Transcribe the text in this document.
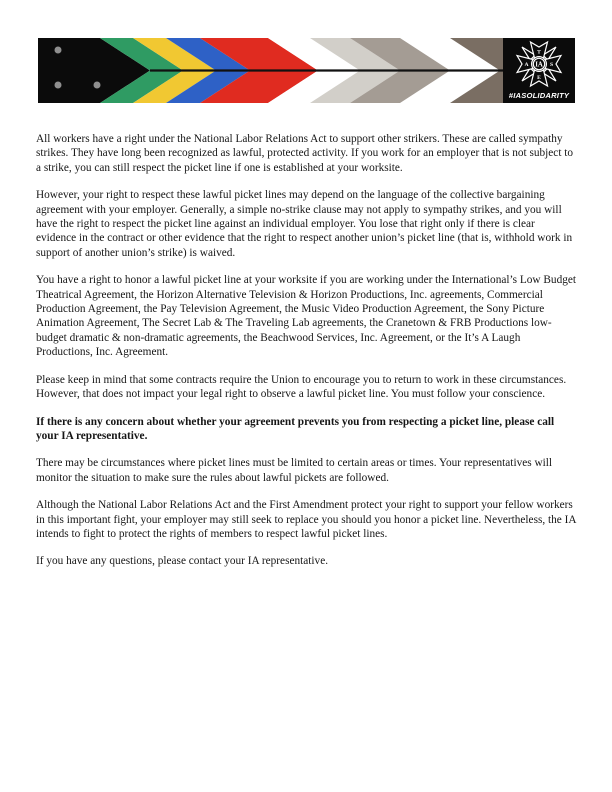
T
S
E
A IA
#IASOLIDARITY

All workers have a right under the National Labor Relations Act to support other strikers. These are called sympathy strikes. They have long been recognized as lawful, protected activity. If you work for an employer that is not subject to a strike, you can still respect the picket line if one is established at your worksite.

However, your right to respect these lawful picket lines may depend on the language of the collective bargaining agreement with your employer. Generally, a simple no-strike clause may not apply to sympathy strikes, and you will have the right to respect the picket line against an individual employer. You lose that right only if there is clear evidence in the contract or other evidence that the right to respect another union’s picket line (that is, withhold work in support of another union’s strike) is waived.

You have a right to honor a lawful picket line at your worksite if you are working under the International’s Low Budget Theatrical Agreement, the Horizon Alternative Television & Horizon Productions, Inc. agreements, Commercial Production Agreement, the Pay Television Agreement, the Music Video Production Agreement, the Sony Picture Animation Agreement, The Secret Lab & The Traveling Lab agreements, the Cranetown & FRB Productions low-budget dramatic & non-dramatic agreements, the Beachwood Services, Inc. Agreement, or the It’s A Laugh Productions, Inc. Agreement.

Please keep in mind that some contracts require the Union to encourage you to return to work in these circumstances. However, that does not impact your legal right to observe a lawful picket line. You must follow your conscience.

If there is any concern about whether your agreement prevents you from respecting a picket line, please call your IA representative.

There may be circumstances where picket lines must be limited to certain areas or times. Your representatives will monitor the situation to make sure the rules about lawful pickets are followed.

Although the National Labor Relations Act and the First Amendment protect your right to support your fellow workers in this important fight, your employer may still seek to replace you should you honor a picket line. Nevertheless, the IA intends to fight to protect the rights of members to respect lawful picket lines.

If you have any questions, please contact your IA representative.
